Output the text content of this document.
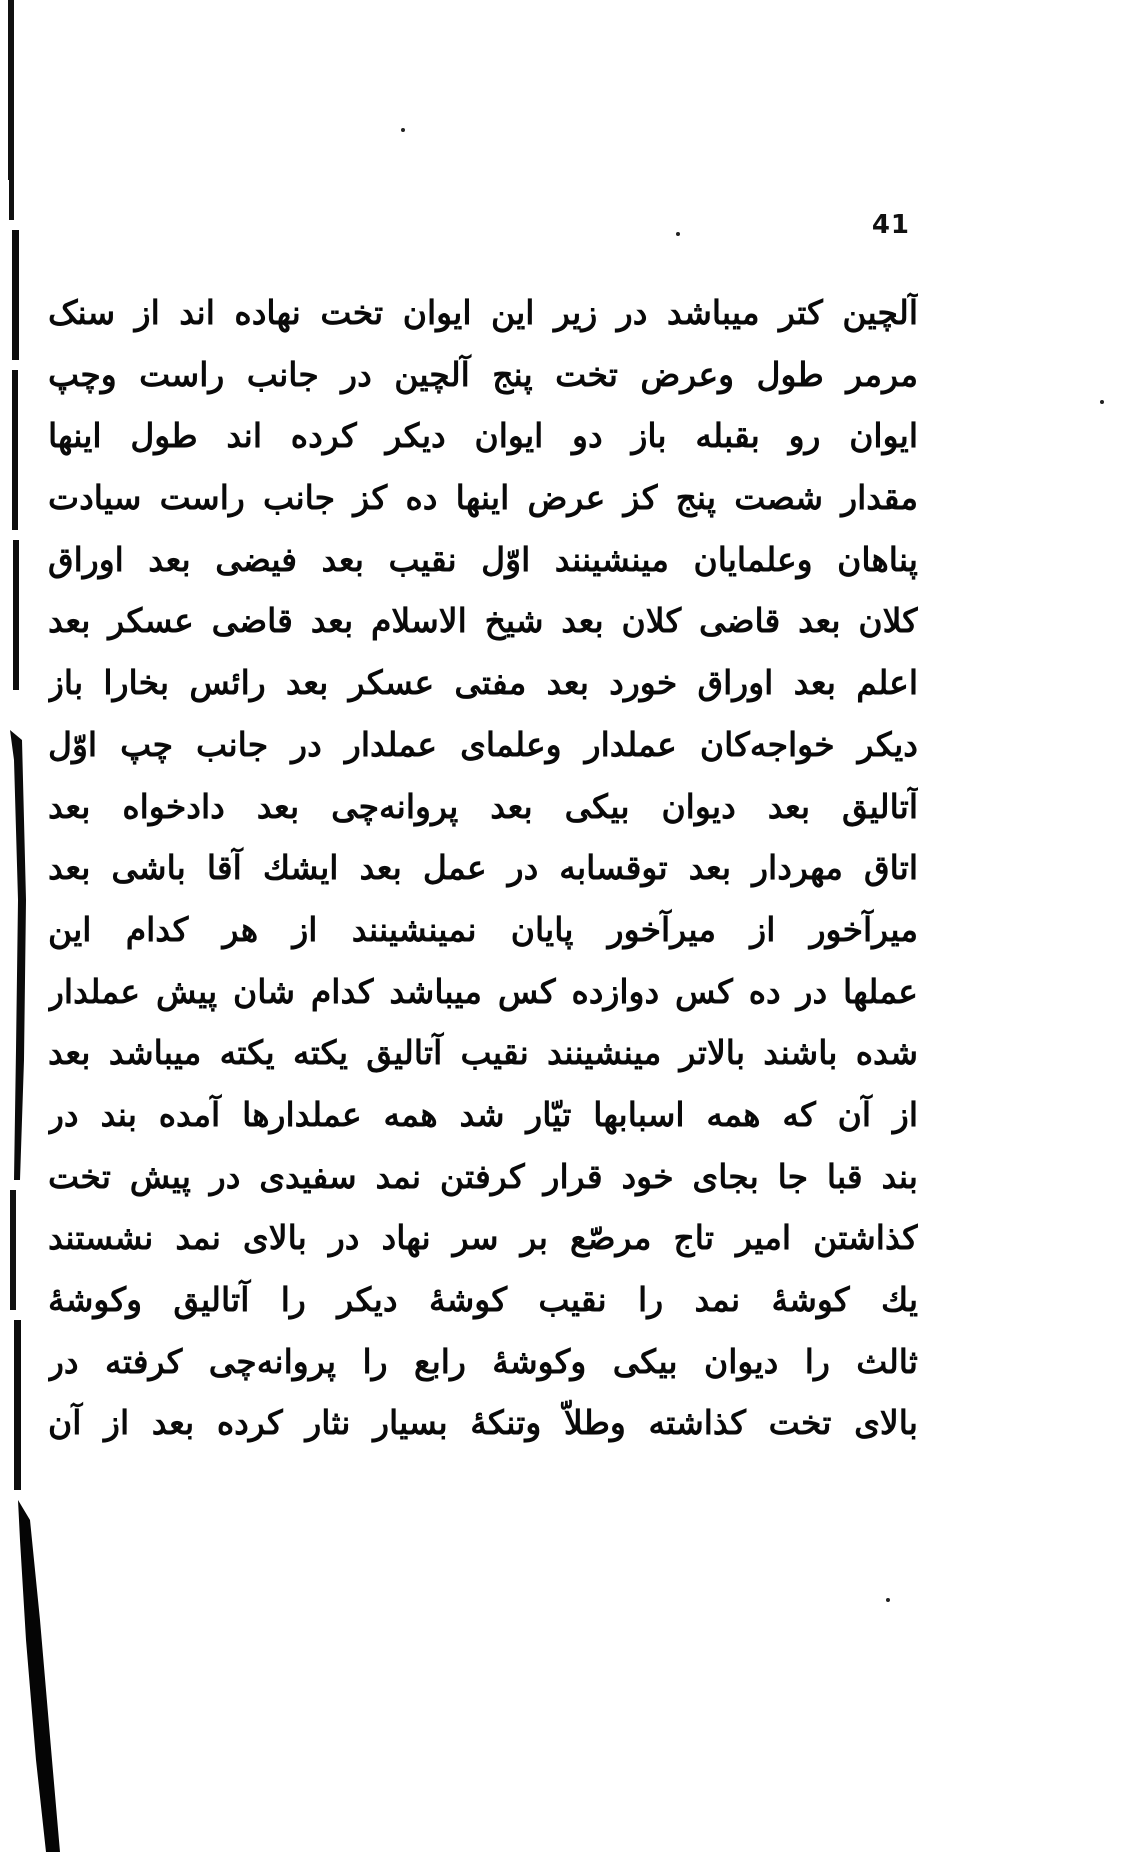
41
آلچین کتر میباشد در زیر این ایوان تخت نهاده اند از سنک
مرمر طول وعرض تخت پنج آلچین در جانب راست وچپ
ایوان رو بقبله باز دو ایوان دیکر کرده اند طول اینها
مقدار شصت پنج کز عرض اینها ده کز جانب راست سیادت
پناهان وعلمایان مینشینند اوّل نقیب بعد فیضی بعد اوراق
کلان بعد قاضی کلان بعد شیخ الاسلام بعد قاضی عسکر بعد
اعلم بعد اوراق خورد بعد مفتی عسکر بعد رائس بخارا باز
دیکر خواجه‌کان عملدار وعلمای عملدار در جانب چپ اوّل
آتالیق بعد دیوان بیکی بعد پروانه‌چی بعد دادخواه بعد
اتاق مهردار بعد توقسابه در عمل بعد ایشك آقا باشی بعد
میرآخور از میرآخور پایان نمینشینند از هر کدام این
عملها در ده کس دوازده کس میباشد کدام شان پیش عملدار
شده باشند بالاتر مینشینند نقیب آتالیق یکته یکته میباشد بعد
از آن که همه اسبابها تیّار شد همه عملدارها آمده بند در
بند قبا جا بجای خود قرار کرفتن نمد سفیدی در پیش تخت
کذاشتن امیر تاج مرصّع بر سر نهاد در بالای نمد نشستند
یك کوشهٔ نمد را نقیب کوشهٔ دیکر را آتالیق وکوشهٔ
ثالث را دیوان بیکی وکوشهٔ رابع را پروانه‌چی کرفته در
بالای تخت کذاشته وطلاّ وتنکهٔ بسیار نثار کرده بعد از آن
